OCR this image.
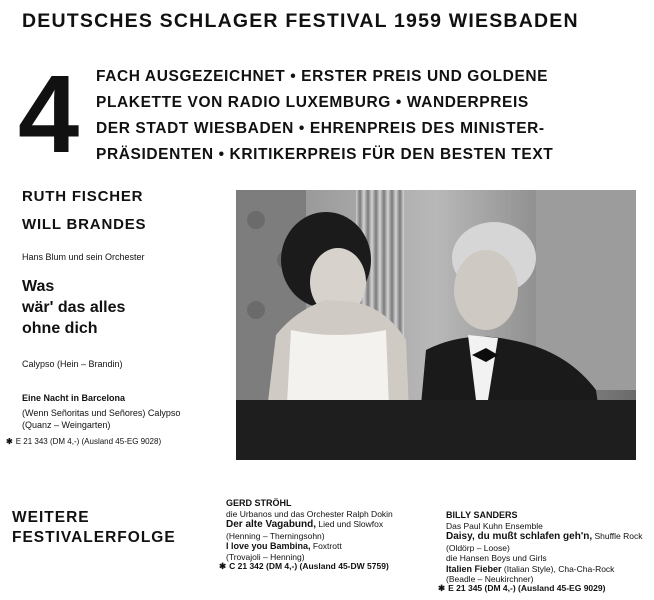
DEUTSCHES SCHLAGER FESTIVAL 1959 WIESBADEN
4 FACH AUSGEZEICHNET • ERSTER PREIS UND GOLDENE
PLAKETTE VON RADIO LUXEMBURG • WANDERPREIS
DER STADT WIESBADEN • EHRENPREIS DES MINISTER-
PRÄSIDENTEN • KRITIKERPREIS FÜR DEN BESTEN TEXT
RUTH FISCHER
WILL BRANDES
Hans Blum und sein Orchester
Was
wär' das alles
ohne dich
Calypso (Hein – Brandin)
Eine Nacht in Barcelona
(Wenn Señoritas und Señores) Calypso
(Quanz – Weingarten)
✱ E 21 343 (DM 4,-) (Ausland 45-EG 9028)
WEITERE
FESTIVALERFOLGE
GERD STRÖHL
die Urbanos und das Orchester Ralph Dokin
Der alte Vagabund, Lied und Slowfox
(Henning – Therningsohn)
I love you Bambina, Foxtrott
(Trovajoli – Henning)
✱ C 21 342 (DM 4,-) (Ausland 45-DW 5759)
BILLY SANDERS
Das Paul Kuhn Ensemble
Daisy, du mußt schlafen geh'n, Shuffle Rock
(Oldörp – Loose)
die Hansen Boys und Girls
Italien Fieber (Italian Style), Cha-Cha-Rock
(Beadle – Neukirchner)
✱ E 21 345 (DM 4,-) (Ausland 45-EG 9029)
